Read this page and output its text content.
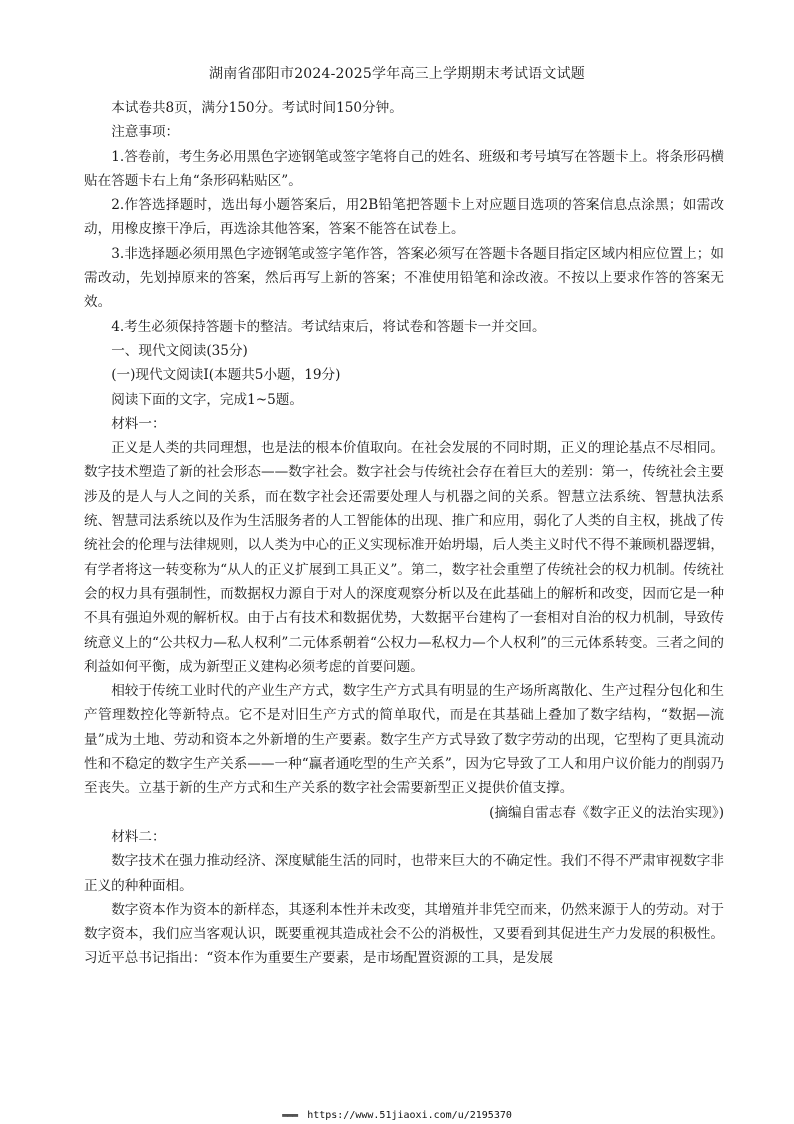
湖南省邵阳市2024-2025学年高三上学期期末考试语文试题

本试卷共8页，满分150分。考试时间150分钟。

注意事项：

1.答卷前，考生务必用黑色字迹钢笔或签字笔将自己的姓名、班级和考号填写在答题卡上。将条形码横贴在答题卡右上角“条形码粘贴区”。

2.作答选择题时，选出每小题答案后，用2B铅笔把答题卡上对应题目选项的答案信息点涂黑；如需改动，用橡皮擦干净后，再选涂其他答案，答案不能答在试卷上。

3.非选择题必须用黑色字迹钢笔或签字笔作答，答案必须写在答题卡各题目指定区域内相应位置上；如需改动，先划掉原来的答案，然后再写上新的答案；不准使用铅笔和涂改液。不按以上要求作答的答案无效。

4.考生必须保持答题卡的整洁。考试结束后，将试卷和答题卡一并交回。

一、现代文阅读(35分)

(一)现代文阅读Ⅰ(本题共5小题，19分)

阅读下面的文字，完成1~5题。

材料一：

正义是人类的共同理想，也是法的根本价值取向。在社会发展的不同时期，正义的理论基点不尽相同。数字技术塑造了新的社会形态——数字社会。数字社会与传统社会存在着巨大的差别：第一，传统社会主要涉及的是人与人之间的关系，而在数字社会还需要处理人与机器之间的关系。智慧立法系统、智慧执法系统、智慧司法系统以及作为生活服务者的人工智能体的出现、推广和应用，弱化了人类的自主权，挑战了传统社会的伦理与法律规则，以人类为中心的正义实现标准开始坍塌，后人类主义时代不得不兼顾机器逻辑，有学者将这一转变称为“从人的正义扩展到工具正义”。第二，数字社会重塑了传统社会的权力机制。传统社会的权力具有强制性，而数据权力源自于对人的深度观察分析以及在此基础上的解析和改变，因而它是一种不具有强迫外观的解析权。由于占有技术和数据优势，大数据平台建构了一套相对自治的权力机制，导致传统意义上的“公共权力—私人权利”二元体系朝着“公权力—私权力—个人权利”的三元体系转变。三者之间的利益如何平衡，成为新型正义建构必须考虑的首要问题。

相较于传统工业时代的产业生产方式，数字生产方式具有明显的生产场所离散化、生产过程分包化和生产管理数控化等新特点。它不是对旧生产方式的简单取代，而是在其基础上叠加了数字结构，“数据—流量”成为土地、劳动和资本之外新增的生产要素。数字生产方式导致了数字劳动的出现，它型构了更具流动性和不稳定的数字生产关系——一种“赢者通吃型的生产关系”，因为它导致了工人和用户议价能力的削弱乃至丧失。立基于新的生产方式和生产关系的数字社会需要新型正义提供价值支撑。

(摘编自雷志春《数字正义的法治实现》)

材料二：

数字技术在强力推动经济、深度赋能生活的同时，也带来巨大的不确定性。我们不得不严肃审视数字非正义的种种面相。

数字资本作为资本的新样态，其逐利本性并未改变，其增殖并非凭空而来，仍然来源于人的劳动。对于数字资本，我们应当客观认识，既要重视其造成社会不公的消极性，又要看到其促进生产力发展的积极性。习近平总书记指出：“资本作为重要生产要素，是市场配置资源的工具，是发展

▬▬▬ https://www.51jiaoxi.com/u/2195370
